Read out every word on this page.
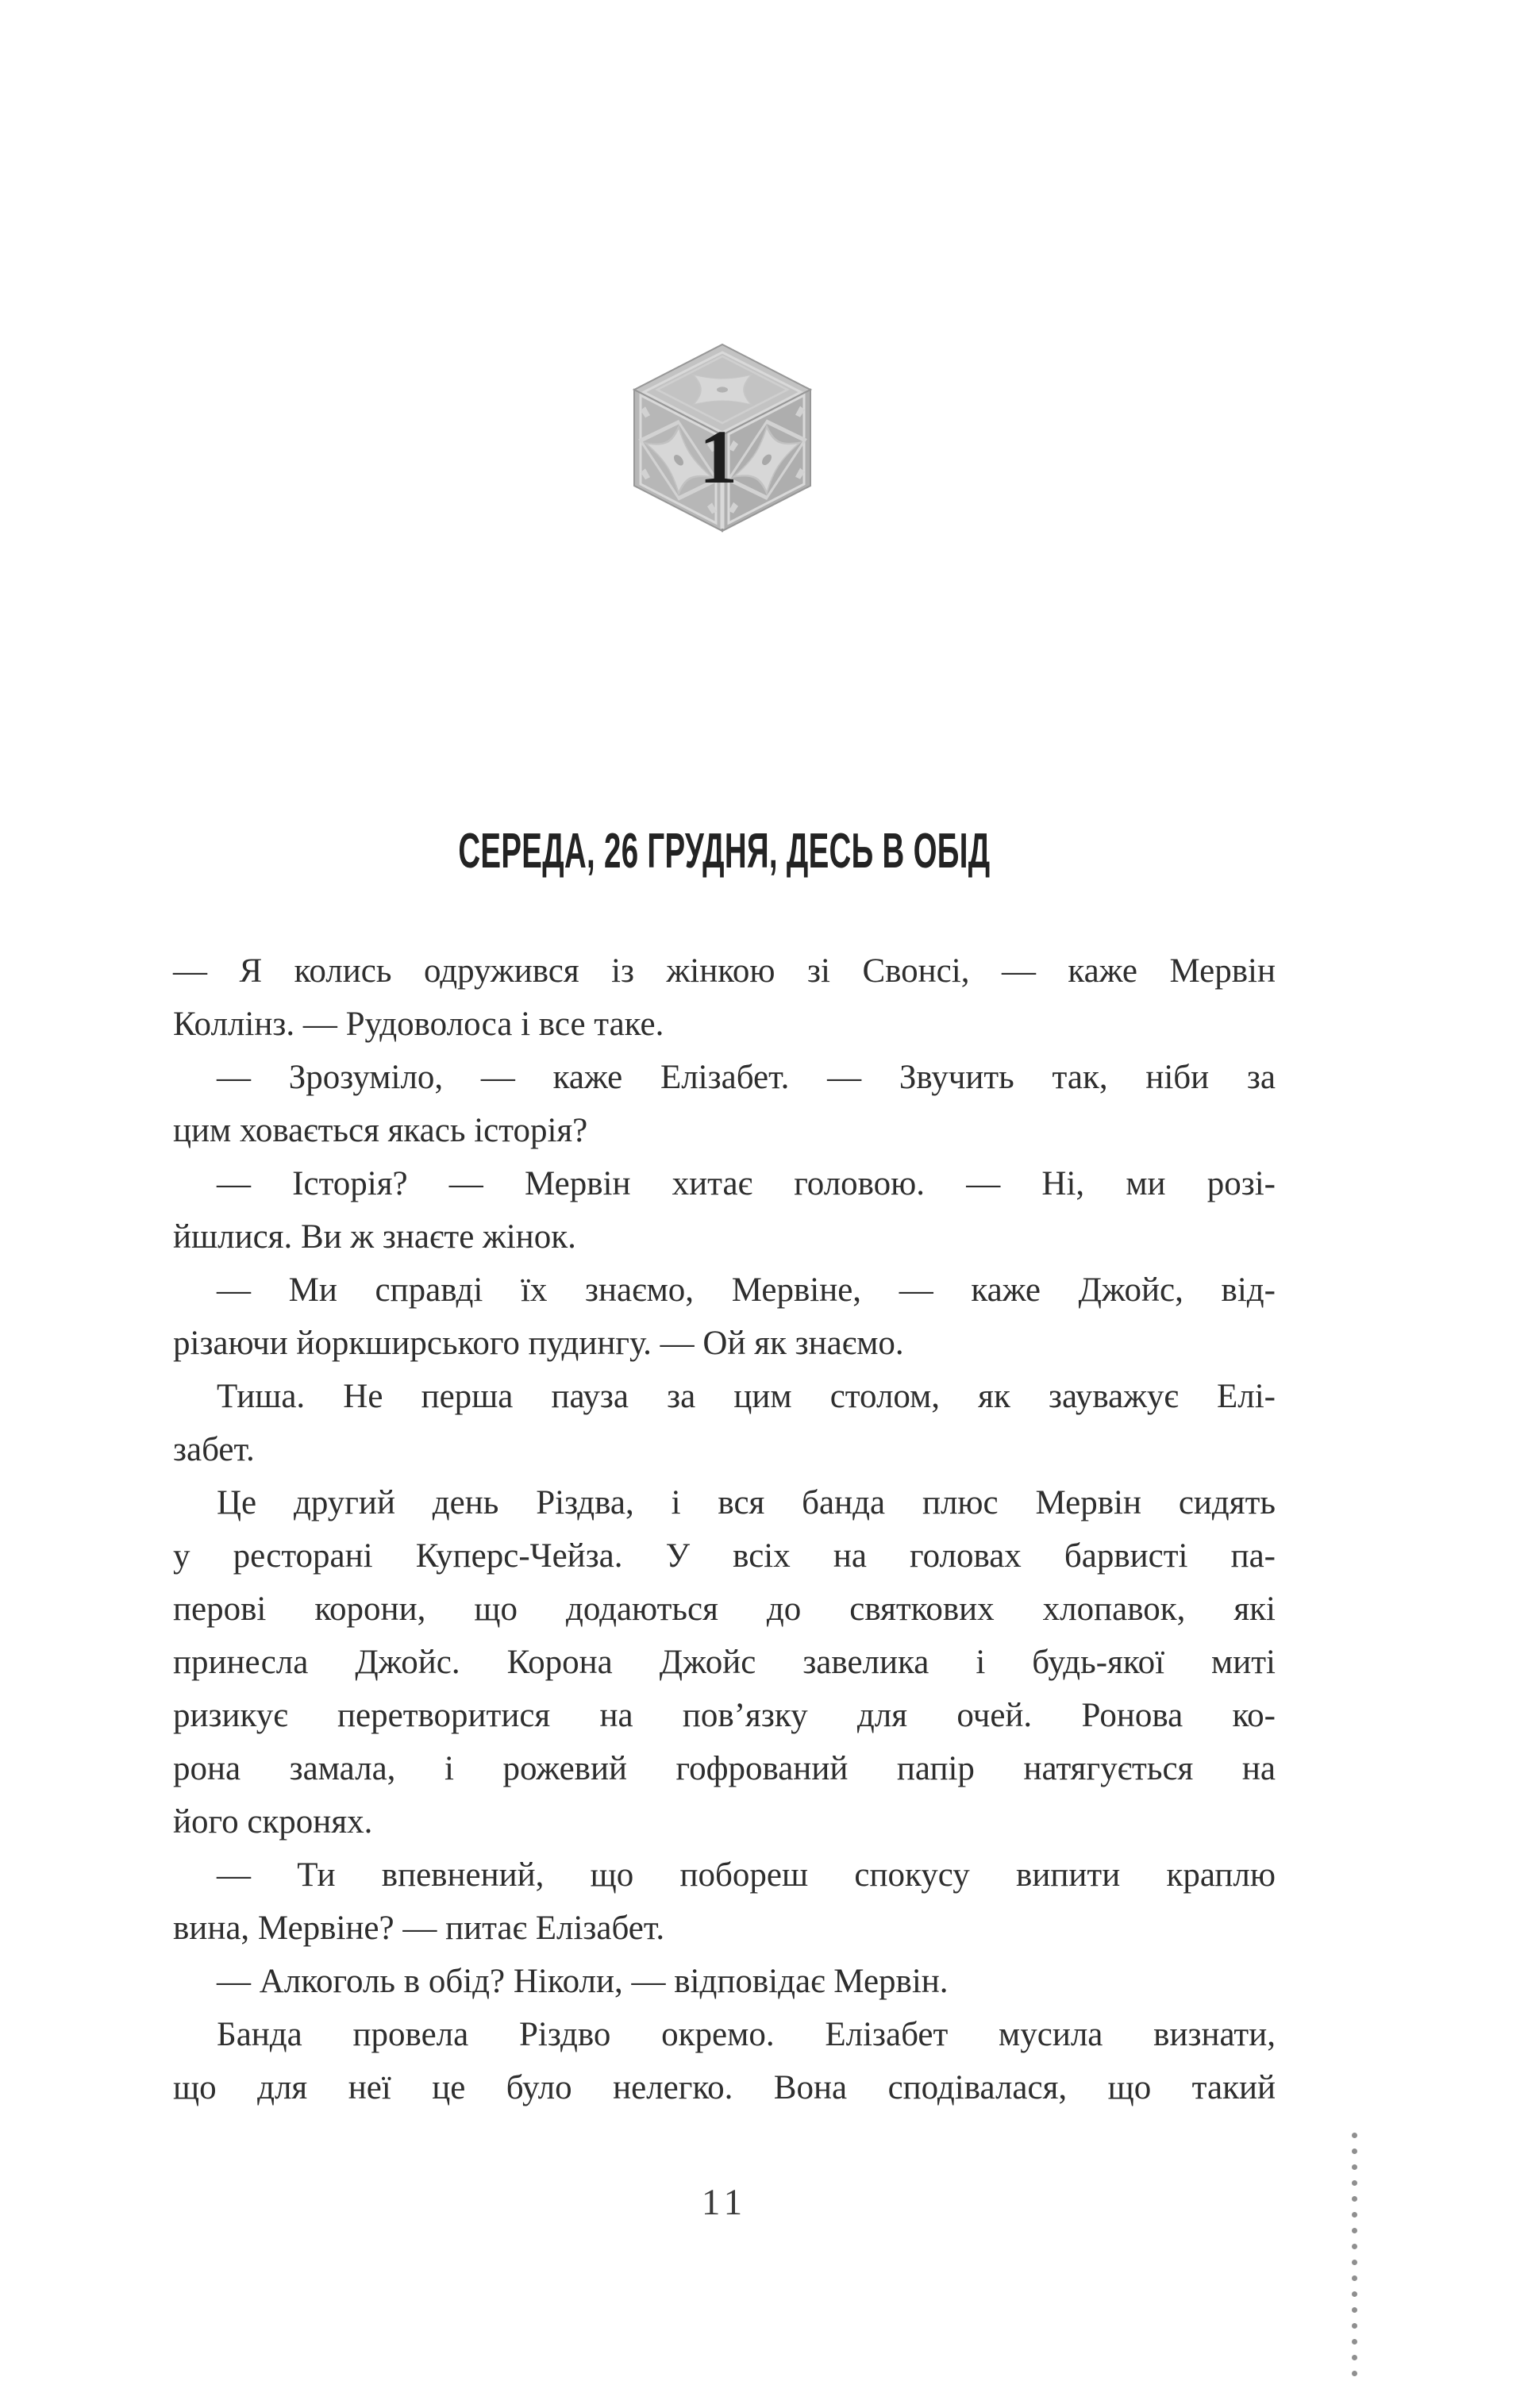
1
СЕРЕДА, 26 ГРУДНЯ, ДЕСЬ В ОБІД
— Я колись одружився із жінкою зі Свонсі, — каже Мервін
Коллінз. — Рудоволоса і все таке.
— Зрозуміло, — каже Елізабет. — Звучить так, ніби за
цим ховається якась історія?
— Історія? — Мервін хитає головою. — Ні, ми розі-
йшлися. Ви ж знаєте жінок.
— Ми справді їх знаємо, Мервіне, — каже Джойс, від-
різаючи йоркширського пудингу. — Ой як знаємо.
Тиша. Не перша пауза за цим столом, як зауважує Елі-
забет.
Це другий день Різдва, і вся банда плюс Мервін сидять
у ресторані Куперс-Чейза. У всіх на головах барвисті па-
перові корони, що додаються до святкових хлопавок, які
принесла Джойс. Корона Джойс завелика і будь-якої миті
ризикує перетворитися на пов’язку для очей. Ронова ко-
рона замала, і рожевий гофрований папір натягується на
його скронях.
— Ти впевнений, що побореш спокусу випити краплю
вина, Мервіне? — питає Елізабет.
— Алкоголь в обід? Ніколи, — відповідає Мервін.
Банда провела Різдво окремо. Елізабет мусила визнати,
що для неї це було нелегко. Вона сподівалася, що такий
11
